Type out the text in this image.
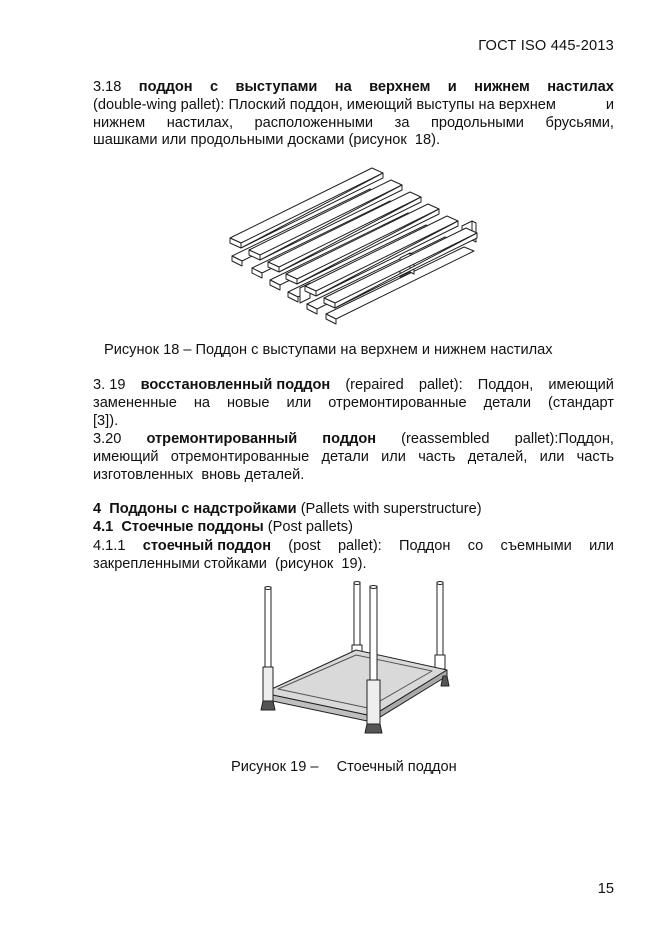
ГОСТ ISO 445-2013
3.18 поддон с выступами на верхнем и нижнем настилах
(double-wing pallet): Плоский поддон, имеющий выступы на верхнем	и
нижнем настилах, расположенными за продольными брусьями,
шашками или продольными досками (рисунок  18).
Рисунок 18 – Поддон с выступами на верхнем и нижнем настилах
3. 19 восстановленный поддон (repaired pallet): Поддон, имеющий
замененные на новые или отремонтированные детали (стандарт
[3]).
3.20 отремонтированный поддон (reassembled pallet):Поддон,
имеющий отремонтированные детали или часть деталей, или часть
изготовленных  вновь деталей.
4  Поддоны с надстройками (Pallets with superstructure)
4.1  Стоечные поддоны (Post pallets)
4.1.1 стоечный поддон (post pallet): Поддон со съемными или
закрепленными стойками  (рисунок  19).
Рисунок 19 – Стоечный поддон
15
